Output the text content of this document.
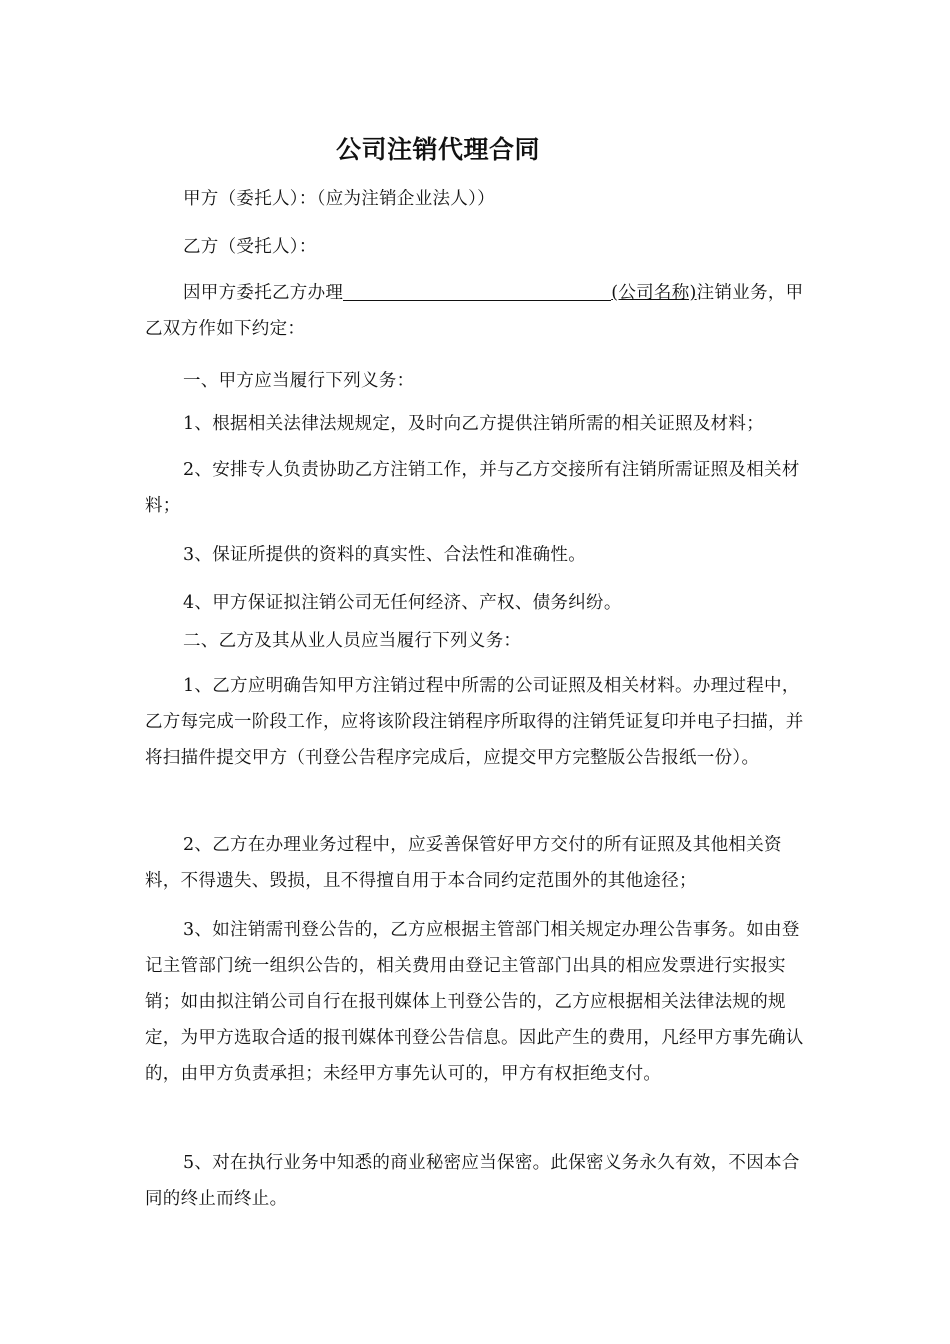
公司注销代理合同

甲方（委托人）：（应为注销企业法人））

乙方（受托人）：

因甲方委托乙方办理	(公司名称)注销业务，甲乙双方作如下约定：

一、甲方应当履行下列义务：

1、根据相关法律法规规定，及时向乙方提供注销所需的相关证照及材料；

2、安排专人负责协助乙方注销工作，并与乙方交接所有注销所需证照及相关材料；

3、保证所提供的资料的真实性、合法性和准确性。

4、甲方保证拟注销公司无任何经济、产权、债务纠纷。

二、乙方及其从业人员应当履行下列义务：

1、乙方应明确告知甲方注销过程中所需的公司证照及相关材料。办理过程中，乙方每完成一阶段工作，应将该阶段注销程序所取得的注销凭证复印并电子扫描，并将扫描件提交甲方（刊登公告程序完成后，应提交甲方完整版公告报纸一份）。

2、乙方在办理业务过程中，应妥善保管好甲方交付的所有证照及其他相关资料，不得遗失、毁损，且不得擅自用于本合同约定范围外的其他途径；

3、如注销需刊登公告的，乙方应根据主管部门相关规定办理公告事务。如由登记主管部门统一组织公告的，相关费用由登记主管部门出具的相应发票进行实报实销；如由拟注销公司自行在报刊媒体上刊登公告的，乙方应根据相关法律法规的规定，为甲方选取合适的报刊媒体刊登公告信息。因此产生的费用，凡经甲方事先确认的，由甲方负责承担；未经甲方事先认可的，甲方有权拒绝支付。

5、对在执行业务中知悉的商业秘密应当保密。此保密义务永久有效，不因本合同的终止而终止。
